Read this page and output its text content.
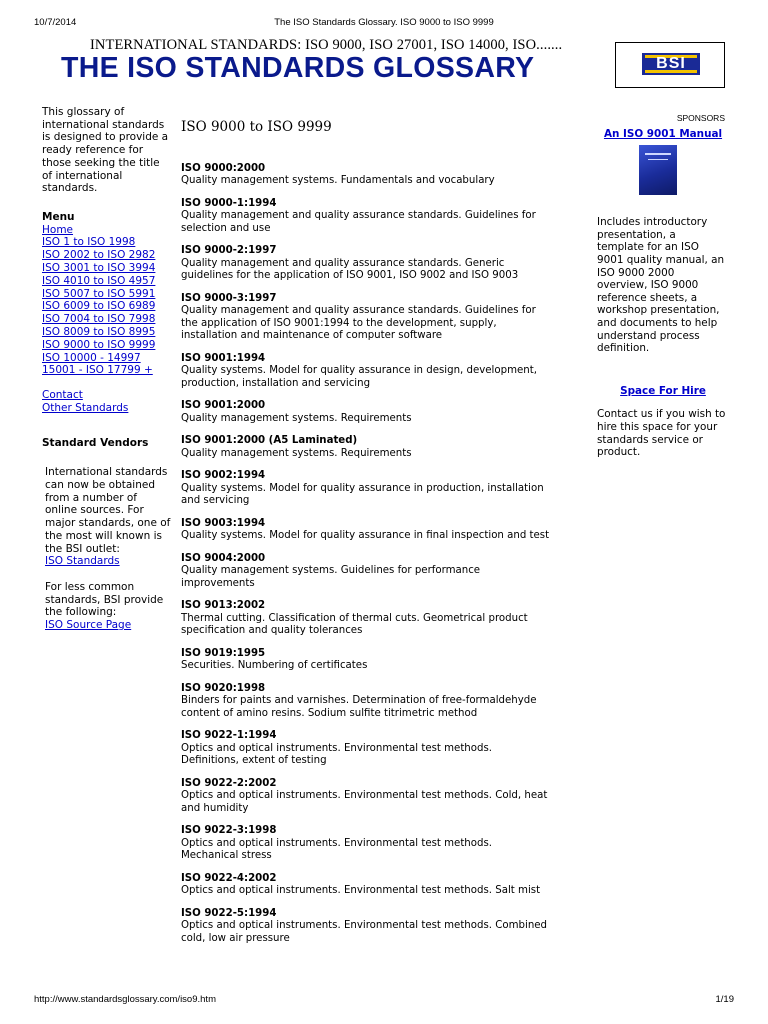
10/7/2014	The ISO Standards Glossary. ISO 9000 to ISO 9999
INTERNATIONAL STANDARDS: ISO 9000, ISO 27001, ISO 14000, ISO.......
THE ISO STANDARDS GLOSSARY	BSI

This glossary of international standards is designed to provide a ready reference for those seeking the title of international standards.

Menu

Home
ISO 1 to ISO 1998
ISO 2002 to ISO 2982
ISO 3001 to ISO 3994
ISO 4010 to ISO 4957
ISO 5007 to ISO 5991
ISO 6009 to ISO 6989
ISO 7004 to ISO 7998
ISO 8009 to ISO 8995
ISO 9000 to ISO 9999
ISO 10000 - 14997
15001 - ISO 17799 +
Contact
Other Standards

Standard Vendors

International standards can now be obtained from a number of online sources. For major standards, one of the most will known is the BSI outlet:

ISO Standards

For less common standards, BSI provide the following:

ISO Source Page
ISO 9000 to ISO 9999
ISO 9000:2000
Quality management systems. Fundamentals and vocabulary
ISO 9000-1:1994
Quality management and quality assurance standards. Guidelines for
selection and use
ISO 9000-2:1997
Quality management and quality assurance standards. Generic
guidelines for the application of ISO 9001, ISO 9002 and ISO 9003
ISO 9000-3:1997
Quality management and quality assurance standards. Guidelines for
the application of ISO 9001:1994 to the development, supply,
installation and maintenance of computer software
ISO 9001:1994
Quality systems. Model for quality assurance in design, development,
production, installation and servicing
ISO 9001:2000
Quality management systems. Requirements
ISO 9001:2000 (A5 Laminated)
Quality management systems. Requirements
ISO 9002:1994
Quality systems. Model for quality assurance in production, installation
and servicing
ISO 9003:1994
Quality systems. Model for quality assurance in final inspection and test
ISO 9004:2000
Quality management systems. Guidelines for performance
improvements
ISO 9013:2002
Thermal cutting. Classification of thermal cuts. Geometrical product
specification and quality tolerances
ISO 9019:1995
Securities. Numbering of certificates
ISO 9020:1998
Binders for paints and varnishes. Determination of free-formaldehyde
content of amino resins. Sodium sulfite titrimetric method
ISO 9022-1:1994
Optics and optical instruments. Environmental test methods.
Definitions, extent of testing
ISO 9022-2:2002
Optics and optical instruments. Environmental test methods. Cold, heat
and humidity
ISO 9022-3:1998
Optics and optical instruments. Environmental test methods.
Mechanical stress
ISO 9022-4:2002
Optics and optical instruments. Environmental test methods. Salt mist
ISO 9022-5:1994
Optics and optical instruments. Environmental test methods. Combined
cold, low air pressure
SPONSORS
An ISO 9001 Manual
Includes introductory presentation, a template for an ISO 9001 quality manual, an ISO 9000 2000 overview, ISO 9000 reference sheets, a workshop presentation, and documents to help understand process definition.
Space For Hire
Contact us if you wish to hire this space for your standards service or product.
http://www.standardsglossary.com/iso9.htm	1/19
